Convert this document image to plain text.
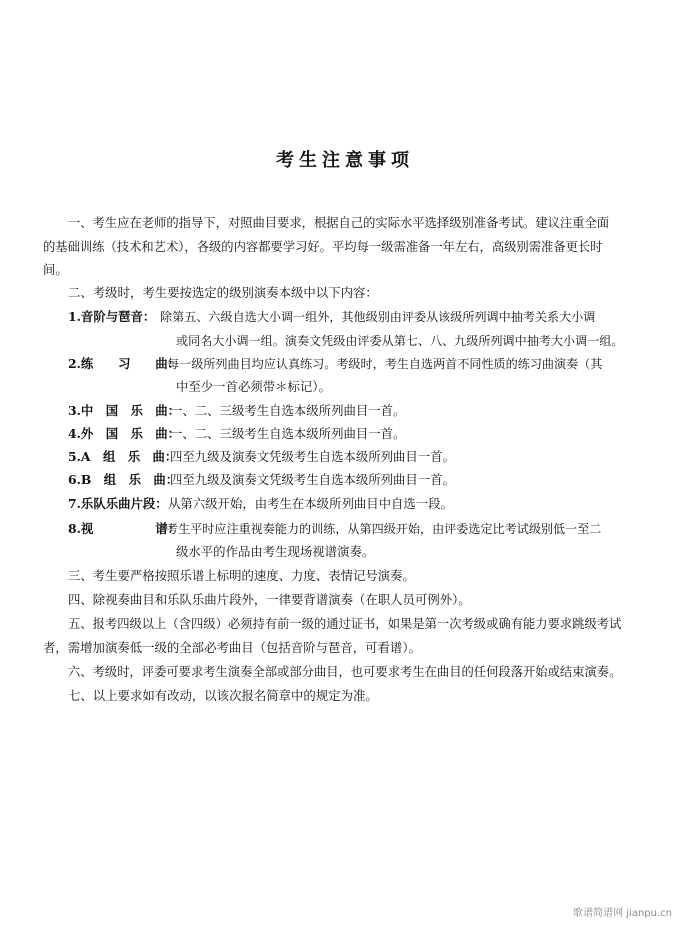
考生注意事项
一、考生应在老师的指导下，对照曲目要求，根据自己的实际水平选择级别准备考试。建议注重全面
的基础训练（技术和艺术），各级的内容都要学习好。平均每一级需准备一年左右，高级别需准备更长时
间。
二、考级时，考生要按选定的级别演奏本级中以下内容：
1.音阶与琶音： 除第五、六级自选大小调一组外，其他级别由评委从该级所列调中抽考关系大小调
或同名大小调一组。演奏文凭级由评委从第七、八、九级所列调中抽考大小调一组。
2.练　　习　　曲：
每一级所列曲目均应认真练习。考级时，考生自选两首不同性质的练习曲演奏（其
中至少一首必须带＊标记）。
3.中　国　乐　曲：
一、二、三级考生自选本级所列曲目一首。
4.外　国　乐　曲：
一、二、三级考生自选本级所列曲目一首。
5.A　组　乐　曲：
四至九级及演奏文凭级考生自选本级所列曲目一首。
6.B　组　乐　曲：
四至九级及演奏文凭级考生自选本级所列曲目一首。
7.乐队乐曲片段： 从第六级开始，由考生在本级所列曲目中自选一段。
8.视　　　　　谱：
考生平时应注重视奏能力的训练，从第四级开始，由评委选定比考试级别低一至二
级水平的作品由考生现场视谱演奏。
三、考生要严格按照乐谱上标明的速度、力度、表情记号演奏。
四、除视奏曲目和乐队乐曲片段外，一律要背谱演奏（在职人员可例外）。
五、报考四级以上（含四级）必须持有前一级的通过证书，如果是第一次考级或确有能力要求跳级考试
者，需增加演奏低一级的全部必考曲目（包括音阶与琶音，可看谱）。
六、考级时，评委可要求考生演奏全部或部分曲目，也可要求考生在曲目的任何段落开始或结束演奏。
七、以上要求如有改动，以该次报名简章中的规定为准。
歌谱简谱网 jianpu.cn
